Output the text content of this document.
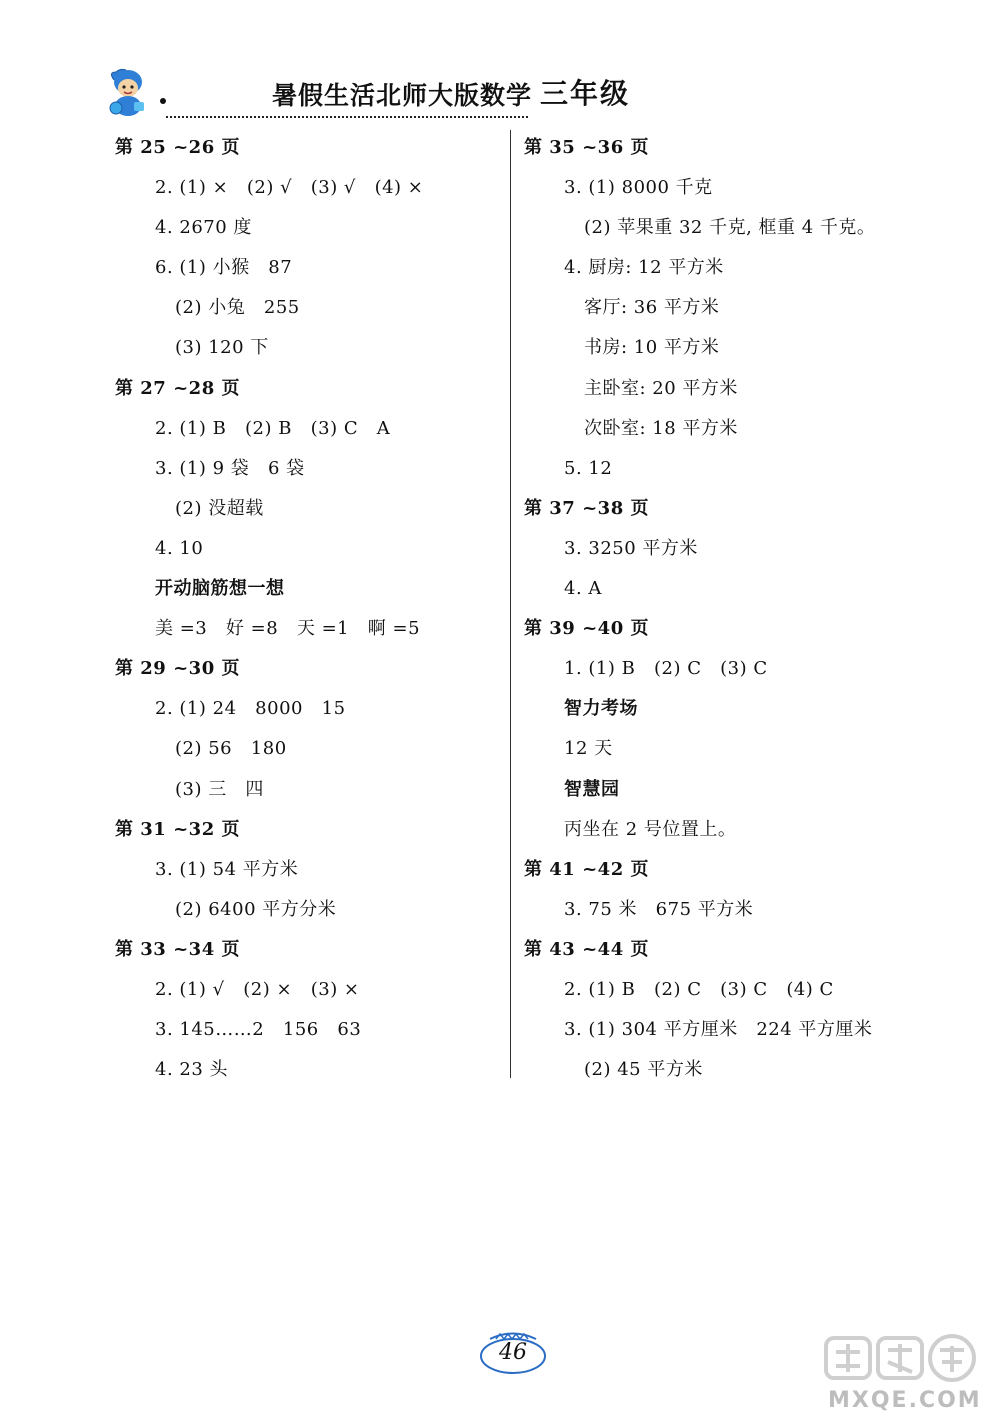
暑假生活北师大版数学 三年级
第 25 ~26 页
2. (1) ×   (2) √   (3) √   (4) ×
4. 2670 度
6. (1) 小猴   87
(2) 小兔   255
(3) 120 下
第 27 ~28 页
2. (1) B   (2) B   (3) C   A
3. (1) 9 袋   6 袋
(2) 没超载
4. 10
开动脑筋想一想
美 =3   好 =8   天 =1   啊 =5
第 29 ~30 页
2. (1) 24   8000   15
(2) 56   180
(3) 三   四
第 31 ~32 页
3. (1) 54 平方米
(2) 6400 平方分米
第 33 ~34 页
2. (1) √   (2) ×   (3) ×
3. 145……2   156   63
4. 23 头
第 35 ~36 页
3. (1) 8000 千克
(2) 苹果重 32 千克, 框重 4 千克。
4. 厨房: 12 平方米
客厅: 36 平方米
书房: 10 平方米
主卧室: 20 平方米
次卧室: 18 平方米
5. 12
第 37 ~38 页
3. 3250 平方米
4. A
第 39 ~40 页
1. (1) B   (2) C   (3) C
智力考场
12 天
智慧园
丙坐在 2 号位置上。
第 41 ~42 页
3. 75 米   675 平方米
第 43 ~44 页
2. (1) B   (2) C   (3) C   (4) C
3. (1) 304 平方厘米   224 平方厘米
(2) 45 平方米
46
MXQE.COM
